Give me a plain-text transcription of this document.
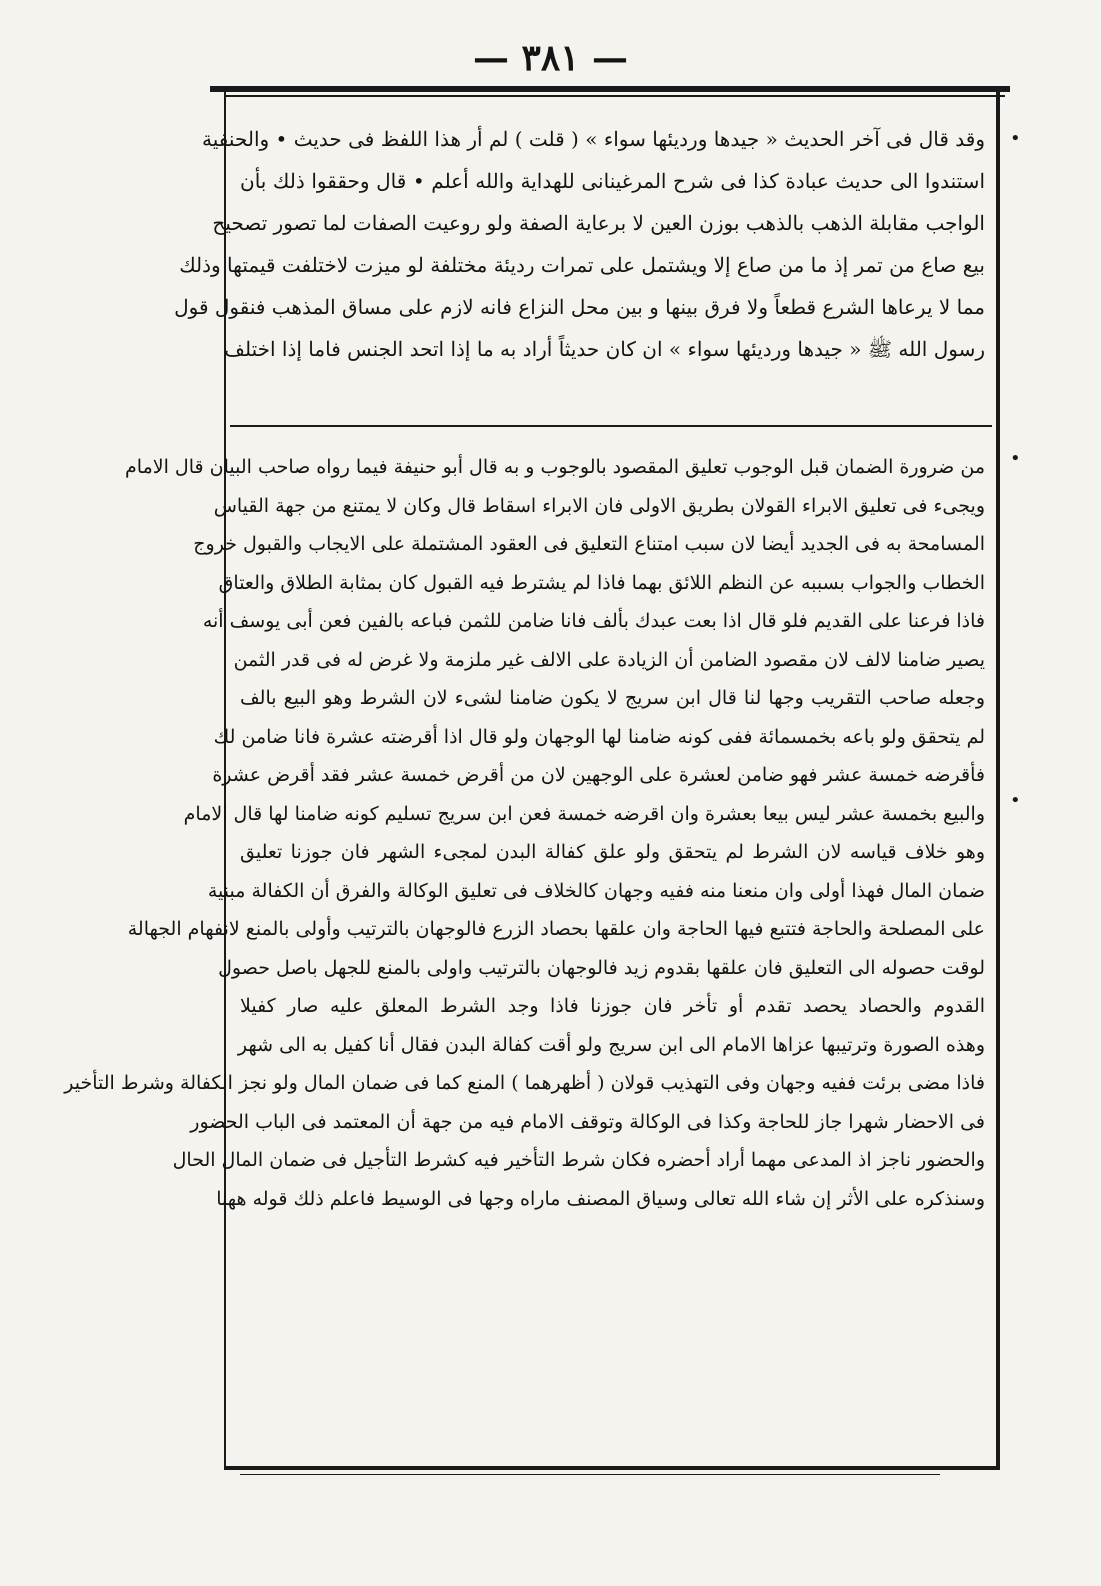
— ٣٨١ —
•
•
•
وقد قال فى آخر الحديث « جيدها ورديئها سواء » ( قلت ) لم أر هذا اللفظ فى حديث • والحنفية
استندوا الى حديث عبادة كذا فى شرح المرغينانى للهداية والله أعلم • قال وحققوا ذلك بأن
الواجب مقابلة الذهب بالذهب بوزن العين لا برعاية الصفة ولو روعيت الصفات لما تصور تصحيح
بيع صاع من تمر إذ ما من صاع إلا ويشتمل على تمرات رديئة مختلفة لو ميزت لاختلفت قيمتها وذلك
مما لا يرعاها الشرع قطعاً ولا فرق بينها و بين محل النزاع فانه لازم على مساق المذهب فنقول قول
رسول الله ﷺ « جيدها ورديئها سواء » ان كان حديثاً أراد به ما إذا اتحد الجنس فاما إذا اختلف
من ضرورة الضمان قبل الوجوب تعليق المقصود بالوجوب و به قال أبو حنيفة فيما رواه صاحب البيان قال الامام
ويجىء فى تعليق الابراء القولان بطريق الاولى فان الابراء اسقاط قال وكان لا يمتنع من جهة القياس
المسامحة به فى الجديد أيضا لان سبب امتناع التعليق فى العقود المشتملة على الايجاب والقبول خروج
الخطاب والجواب بسببه عن النظم اللائق بهما فاذا لم يشترط فيه القبول كان بمثابة الطلاق والعتاق
فاذا فرعنا على القديم فلو قال اذا بعت عبدك بألف فانا ضامن للثمن فباعه بالفين فعن أبى يوسف أنه
يصير ضامنا لالف لان مقصود الضامن أن الزيادة على الالف غير ملزمة ولا غرض له فى قدر الثمن
وجعله صاحب التقريب وجها لنا قال ابن سريج لا يكون ضامنا لشىء لان الشرط وهو البيع بالف
لم يتحقق ولو باعه بخمسمائة ففى كونه ضامنا لها الوجهان ولو قال اذا أقرضته عشرة فانا ضامن لك
فأقرضه خمسة عشر فهو ضامن لعشرة على الوجهين لان من أقرض خمسة عشر فقد أقرض عشرة
والبيع بخمسة عشر ليس بيعا بعشرة وان اقرضه خمسة فعن ابن سريج تسليم كونه ضامنا لها قال الامام
وهو خلاف قياسه لان الشرط لم يتحقق ولو علق كفالة البدن لمجىء الشهر فان جوزنا تعليق
ضمان المال فهذا أولى وان منعنا منه ففيه وجهان كالخلاف فى تعليق الوكالة والفرق أن الكفالة مبنية
على المصلحة والحاجة فتتبع فيها الحاجة وان علقها بحصاد الزرع فالوجهان بالترتيب وأولى بالمنع لانفهام الجهالة
لوقت حصوله الى التعليق فان علقها بقدوم زيد فالوجهان بالترتيب واولى بالمنع للجهل باصل حصول
القدوم والحصاد يحصد تقدم أو تأخر فان جوزنا فاذا وجد الشرط المعلق عليه صار كفيلا
وهذه الصورة وترتيبها عزاها الامام الى ابن سريج ولو أقت كفالة البدن فقال أنا كفيل به الى شهر
فاذا مضى برئت ففيه وجهان وفى التهذيب قولان ( أظهرهما ) المنع كما فى ضمان المال ولو نجز الكفالة وشرط التأخير
فى الاحضار شهرا جاز للحاجة وكذا فى الوكالة وتوقف الامام فيه من جهة أن المعتمد فى الباب الحضور
والحضور ناجز اذ المدعى مهما أراد أحضره فكان شرط التأخير فيه كشرط التأجيل فى ضمان المال الحال
وسنذكره على الأثر إن شاء الله تعالى وسياق المصنف ماراه وجها فى الوسيط فاعلم ذلك قوله ههنا
